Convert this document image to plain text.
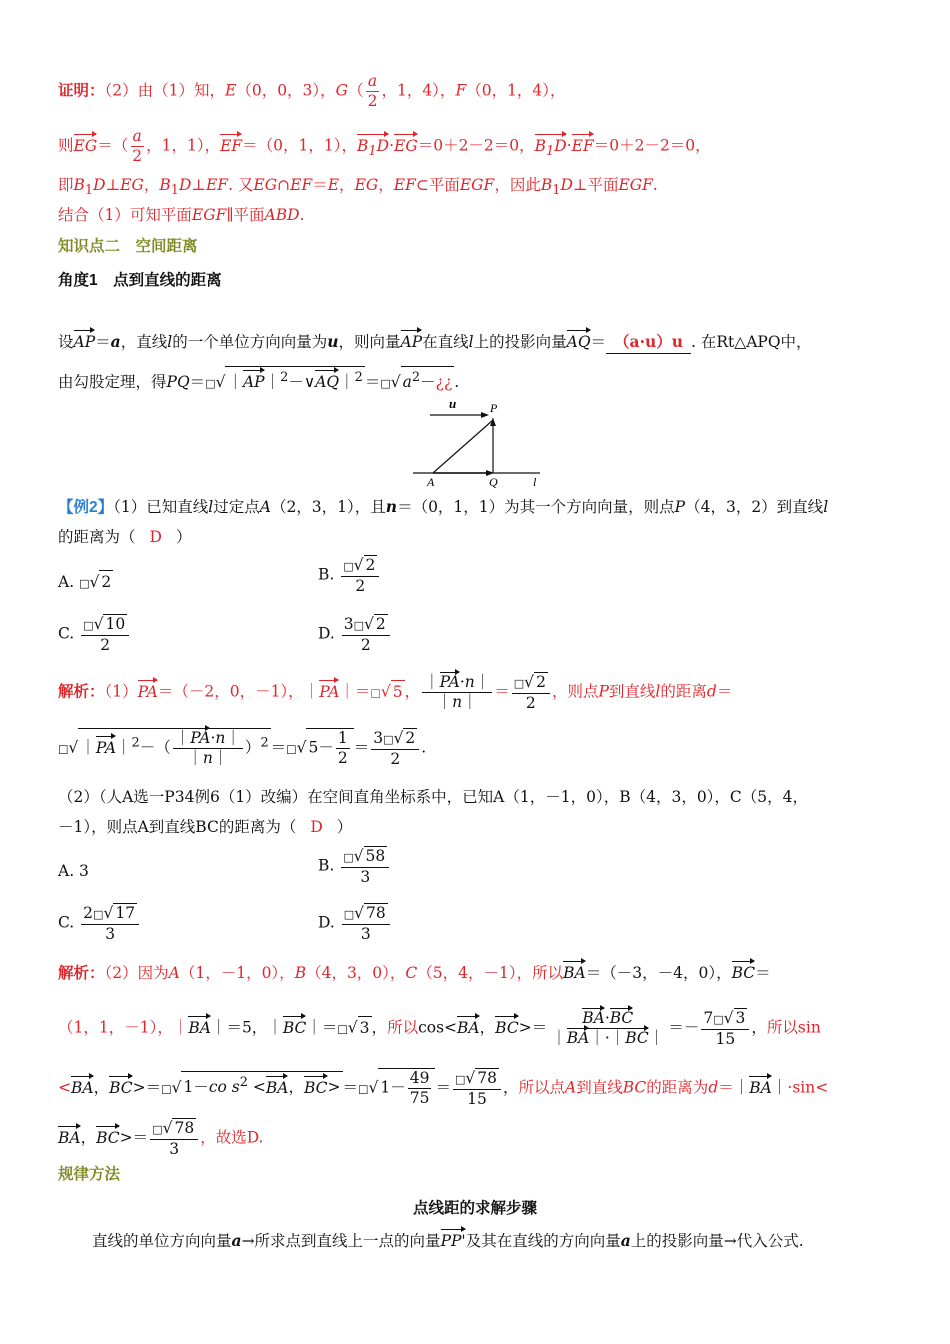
证明：（2）由（1）知，E（0，0，3），$G( \frac{a}{2}$ ，1，4），F（0，1，4），
则$EG=( \frac{a}{2}$ ，1，1），EF＝（0，1，1），$B_1D\cdot EG=0+2-2=0$，$B_1D\cdot EF=0+2-2=0$，
即$B_1D\perp EG$，$B_1D\perp EF$. 又EG∩EF＝E，EG，EF⊂平面EGF，因此$B_1D\perp$平面EGF.
结合（1）可知平面EGF∥平面ABD.
知识点二　空间距离
角度1　点到直线的距离
设AP＝a，直线l的一个单位方向向量为u，则向量AP在直线l上的投影向量AQ＝ （a·u）u . 在Rt△APQ中，
由勾股定理，得PQ＝□√ ｜AP｜$^2$－∨AQ｜$^2$ ＝□√ $a^2-¿¿$ .
u	P
A	Q	l
【例2】（1）已知直线l过定点A（2，3，1），且n＝（0，1，1）为其一个方向向量，则点P（4，3，2）到直线l
的距离为（ D ）
A. □√ 2	B. $\frac{□√ 2}{2}$
C. $\frac{□√ 10}{2}$	D. $\frac{3□√ 2}{2}$
解析：（1）PA＝（－2，0，－1），｜PA｜＝□√ 5 ， $\frac{|PA\cdot n|}{|n|} = \frac{□√ 2}{2}$ ，则点P到直线l的距离d＝
□√ ｜PA｜$^2$－（ $\frac{|PA\cdot n|}{|n|} )^2$ ＝□√ $5- \frac{1}{2} = \frac{3□√ 2}{2}$ .
（2）（人A选一P34例6（1）改编）在空间直角坐标系中，已知A（1，－1，0），B（4，3，0），C（5，4，
－1），则点A到直线BC的距离为（ D ）
A. 3	B. $\frac{□√ 58}{3}$
C. $\frac{2□√ 17}{3}$	D. $\frac{□√ 78}{3}$
解析：（2）因为A（1，－1，0），B（4，3，0），C（5，4，－1），所以BA＝（－3，－4，0），BC＝
（1，1，－1），｜BA｜＝5，｜BC｜＝□√ 3 ，所以cos<BA，$BC>= \frac{BA\cdot BC}{|BA|\cdot|BC|} =- \frac{7□√ 3}{15}$ ，所以sin
<BA，BC>＝□√ 1－co $s^2 <BA$，BC> ＝□√ $1- \frac{49}{75} = \frac{□√ 78}{15}$ ，所以点A到直线BC的距离为d＝｜BA｜·sin<
BA，$BC>= \frac{□√ 78}{3}$ ，故选D.
规律方法
点线距的求解步骤
直线的单位方向向量a→所求点到直线上一点的向量PP'及其在直线的方向向量a上的投影向量→代入公式.
